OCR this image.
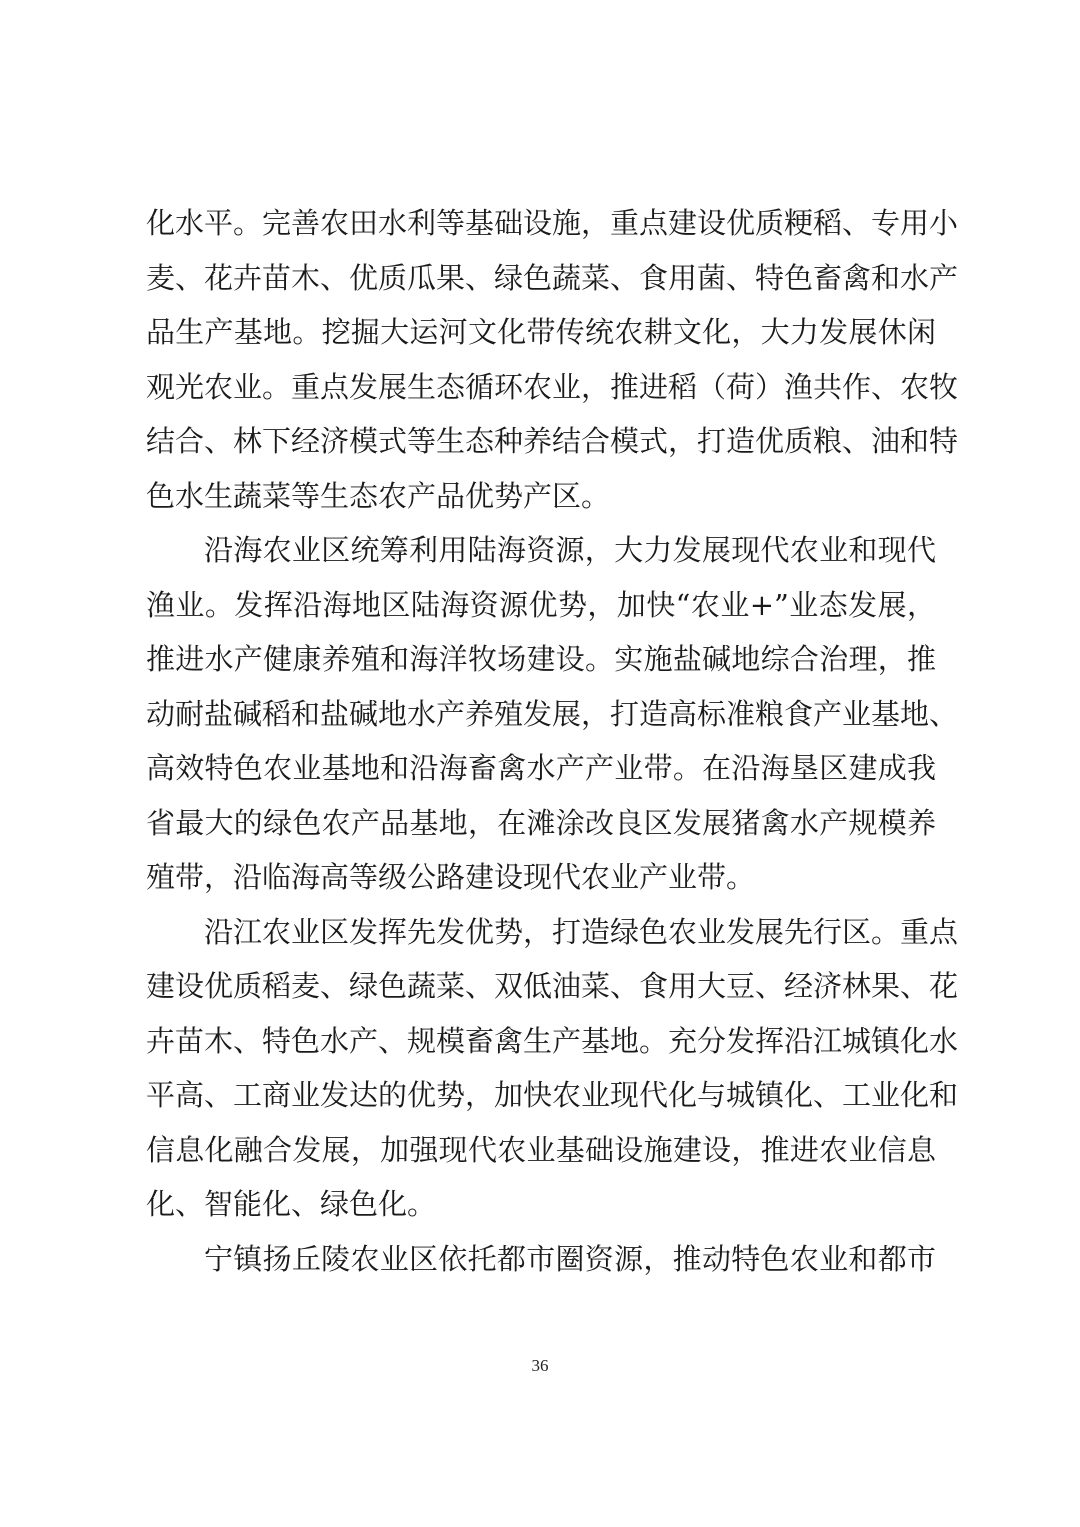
化水平。完善农田水利等基础设施，重点建设优质粳稻、专用小
麦、花卉苗木、优质瓜果、绿色蔬菜、食用菌、特色畜禽和水产
品生产基地。挖掘大运河文化带传统农耕文化，大力发展休闲
观光农业。重点发展生态循环农业，推进稻（荷）渔共作、农牧
结合、林下经济模式等生态种养结合模式，打造优质粮、油和特
色水生蔬菜等生态农产品优势产区。
沿海农业区统筹利用陆海资源，大力发展现代农业和现代
渔业。发挥沿海地区陆海资源优势，加快“农业+”业态发展，
推进水产健康养殖和海洋牧场建设。实施盐碱地综合治理，推
动耐盐碱稻和盐碱地水产养殖发展，打造高标准粮食产业基地、
高效特色农业基地和沿海畜禽水产产业带。在沿海垦区建成我
省最大的绿色农产品基地，在滩涂改良区发展猪禽水产规模养
殖带，沿临海高等级公路建设现代农业产业带。
沿江农业区发挥先发优势，打造绿色农业发展先行区。重点
建设优质稻麦、绿色蔬菜、双低油菜、食用大豆、经济林果、花
卉苗木、特色水产、规模畜禽生产基地。充分发挥沿江城镇化水
平高、工商业发达的优势，加快农业现代化与城镇化、工业化和
信息化融合发展，加强现代农业基础设施建设，推进农业信息
化、智能化、绿色化。
宁镇扬丘陵农业区依托都市圈资源，推动特色农业和都市
36
